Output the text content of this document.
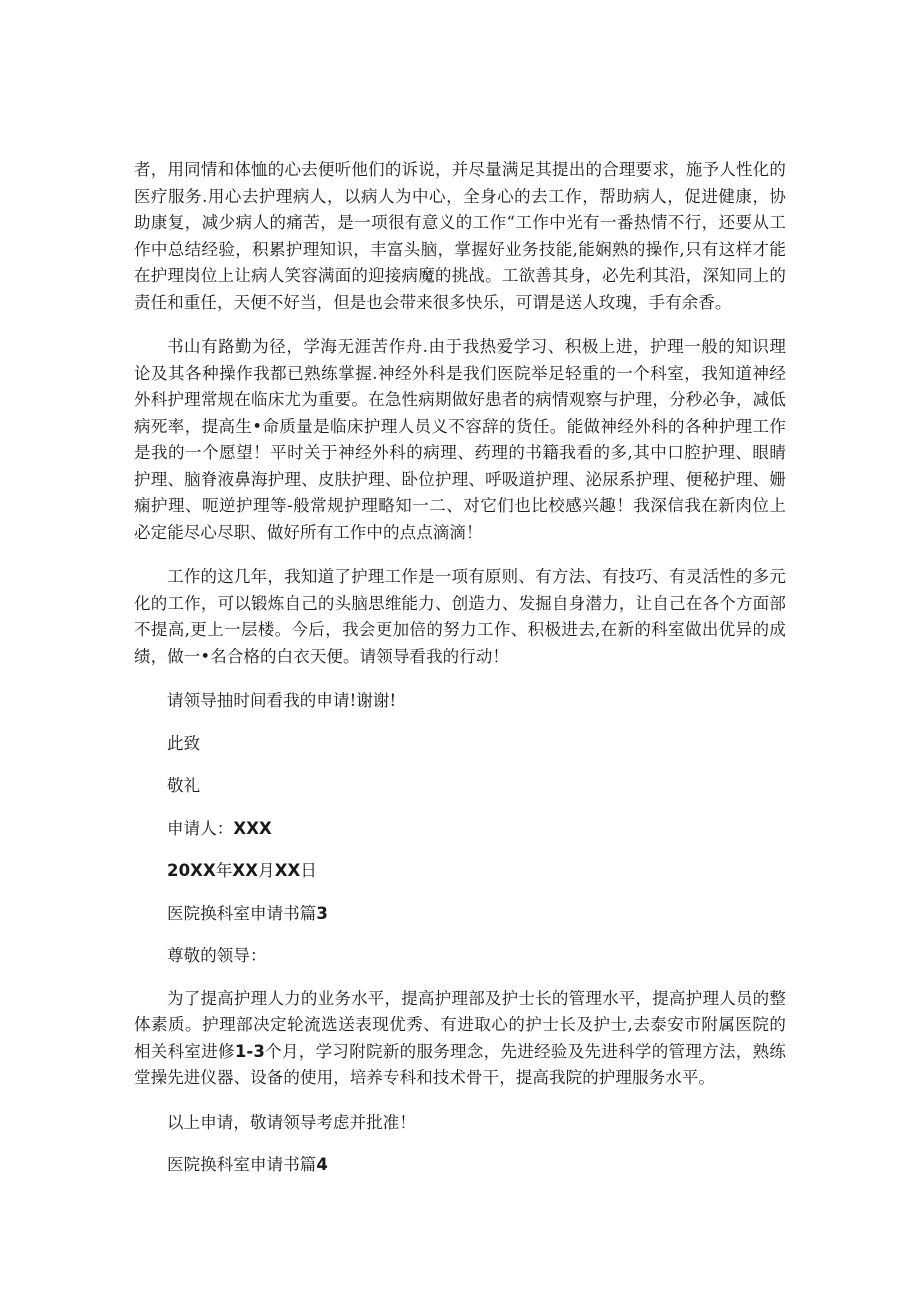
者，用同情和体恤的心去便听他们的诉说，并尽量满足其提出的合理要求，施予人性化的医疗服务.用心去护理病人，以病人为中心，全身心的去工作，帮助病人，促进健康，协助康复，减少病人的痛苦，是一项很有意义的工作“工作中光有一番热情不行，还要从工作中总结经验，积累护理知识，丰富头脑，掌握好业务技能,能娴熟的操作,只有这样才能在护理岗位上让病人笑容满面的迎接病魔的挑战。工欲善其身，必先利其沿，深知同上的责任和重任，天便不好当，但是也会带来很多快乐，可谓是送人玫瑰，手有余香。

书山有路勤为径，学海无涯苦作舟.由于我热爱学习、积极上进，护理一般的知识理论及其各种操作我都已熟练掌握.神经外科是我们医院举足轻重的一个科室，我知道神经外科护理常规在临床尤为重要。在急性病期做好患者的病情观察与护理，分秒必争，减低病死率，提高生•命质量是临床护理人员义不容辞的货任。能做神经外科的各种护理工作是我的一个愿望！平时关于神经外科的病理、药理的书籍我看的多,其中口腔护理、眼睛护理、脑脊液鼻海护理、皮肤护理、卧位护理、呼吸道护理、泌尿系护理、便秘护理、姗痫护理、呃逆护理等-般常规护理略知一二、对它们也比校感兴趣！我深信我在新肉位上必定能尽心尽职、做好所有工作中的点点滴滴！

工作的这几年，我知道了护理工作是一项有原则、有方法、有技巧、有灵活性的多元化的工作，可以锻炼自己的头脑思维能力、创造力、发掘自身潜力，让自己在各个方面部不提高,更上一层楼。今后，我会更加倍的努力工作、积极进去,在新的科室做出优异的成绩，做一•名合格的白衣天便。请领导看我的行动！

请领导抽时间看我的申请!谢谢!
此致
敬礼
申请人：XXX
20XX年XX月XX日
医院换科室申请书篇3
尊敬的领导：

为了提高护理人力的业务水平，提高护理部及护士长的管理水平，提高护理人员的整体素质。护理部决定轮流选送表现优秀、有进取心的护士长及护士,去泰安市附属医院的相关科室进修1-3个月，学习附院新的服务理念，先进经验及先进科学的管理方法，熟练堂操先进仪器、设备的使用，培养专科和技术骨干，提高我院的护理服务水平。

以上申请，敬请领导考虑并批准！
医院换科室申请书篇4
